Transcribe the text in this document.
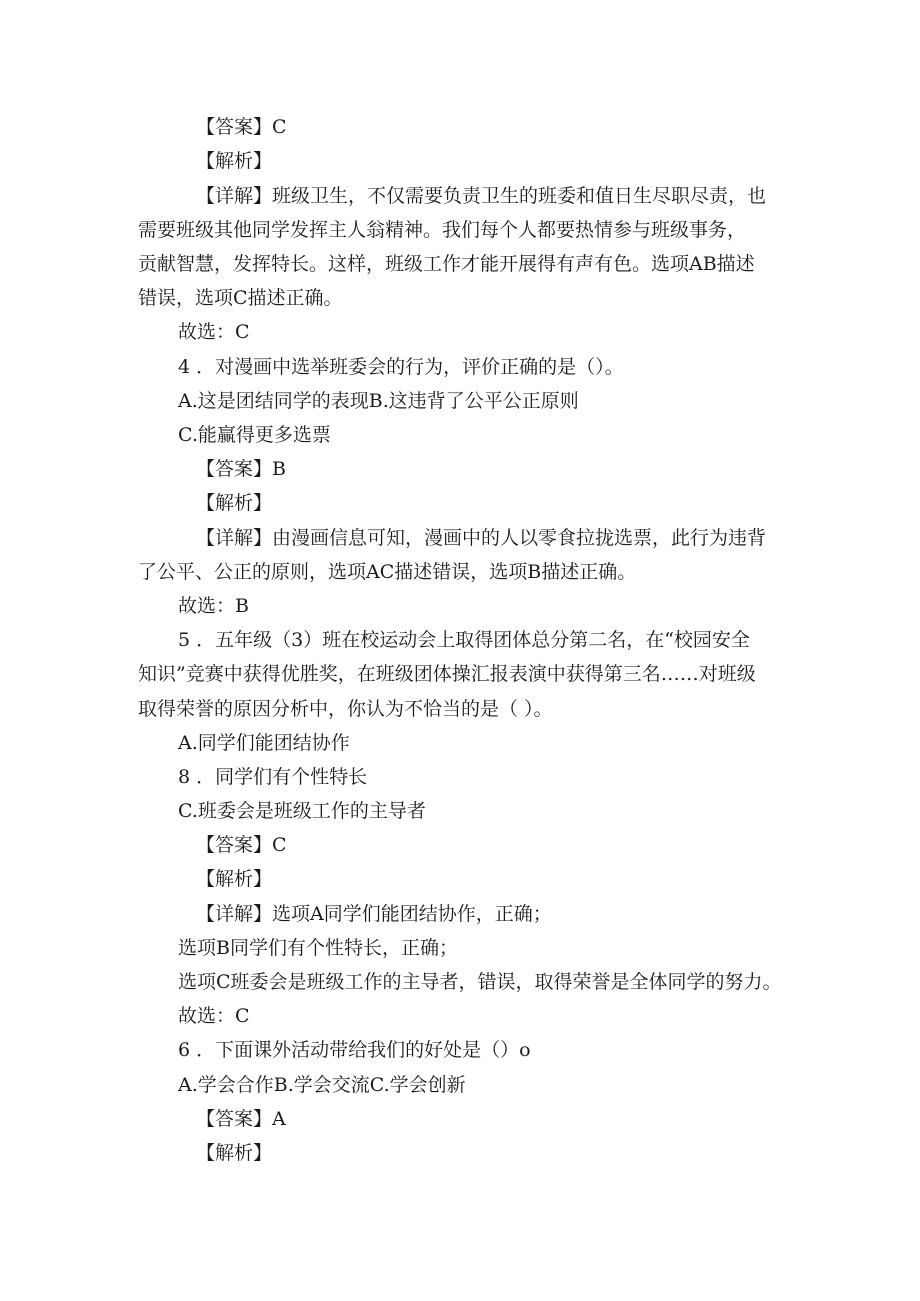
【答案】C
【解析】
【详解】班级卫生，不仅需要负责卫生的班委和值日生尽职尽责，也
需要班级其他同学发挥主人翁精神。我们每个人都要热情参与班级事务，
贡献智慧，发挥特长。这样，班级工作才能开展得有声有色。选项AB描述
错误，选项C描述正确。
故选：C
4 ．对漫画中选举班委会的行为，评价正确的是（）。
A.这是团结同学的表现B.这违背了公平公正原则
C.能赢得更多选票
【答案】B
【解析】
【详解】由漫画信息可知，漫画中的人以零食拉拢选票，此行为违背
了公平、公正的原则，选项AC描述错误，选项B描述正确。
故选：B
5 ．五年级（3）班在校运动会上取得团体总分第二名，在“校园安全
知识”竞赛中获得优胜奖，在班级团体操汇报表演中获得第三名……对班级
取得荣誉的原因分析中，你认为不恰当的是（ ）。
A.同学们能团结协作
8 ．同学们有个性特长
C.班委会是班级工作的主导者
【答案】C
【解析】
【详解】选项A同学们能团结协作，正确；
选项B同学们有个性特长，正确；
选项C班委会是班级工作的主导者，错误，取得荣誉是全体同学的努力。
故选：C
6 ．下面课外活动带给我们的好处是（）o
A.学会合作B.学会交流C.学会创新
【答案】A
【解析】
